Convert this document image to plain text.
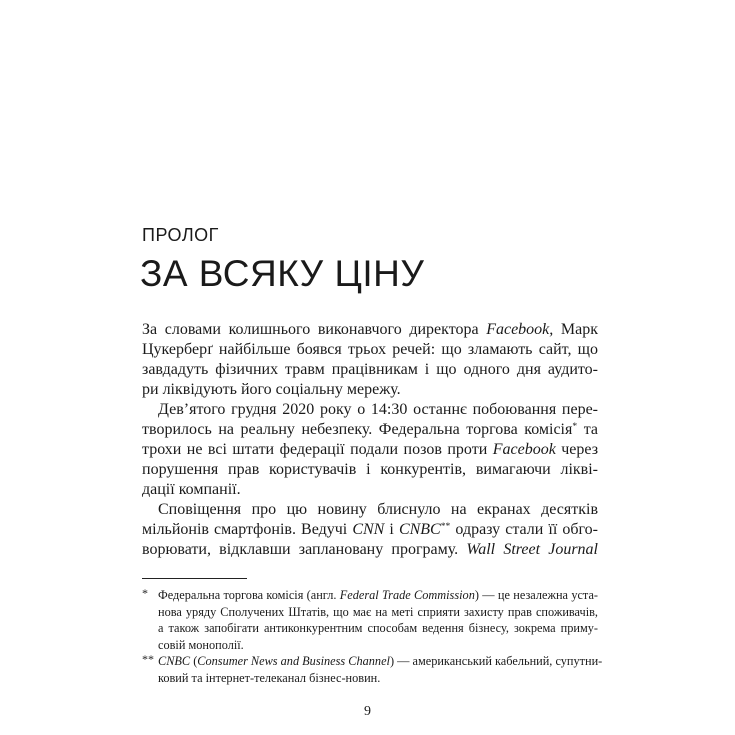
ПРОЛОГ
ЗА ВСЯКУ ЦІНУ
За словами колишнього виконавчого директора Facebook, Марк
Цукерберґ найбільше боявся трьох речей: що зламають сайт, що
завдадуть фізичних травм працівникам і що одного дня аудито-
ри ліквідують його соціальну мережу.
Дев’ятого грудня 2020 року о 14:30 останнє побоювання пере-
творилось на реальну небезпеку. Федеральна торгова комісія* та
трохи не всі штати федерації подали позов проти Facebook через
порушення прав користувачів і конкурентів, вимагаючи ліквi-
дації компанії.
Сповіщення про цю новину блиснуло на екранах десятків
мільйонів смартфонів. Ведучі CNN і CNBC** одразу стали її обго-
ворювати, відклавши заплановану програму. Wall Street Journal
* Федеральна торгова комісія (англ. Federal Trade Commission) — це незалежна уста-
нова уряду Сполучених Штатів, що має на меті сприяти захисту прав споживачів,
а також запобігати антиконкурентним способам ведення бізнесу, зокрема приму-
совій монополії.
** CNBC (Consumer News and Business Channel) — американський кабельний, супутни-
ковий та інтернет-телеканал бізнес-новин.
9
